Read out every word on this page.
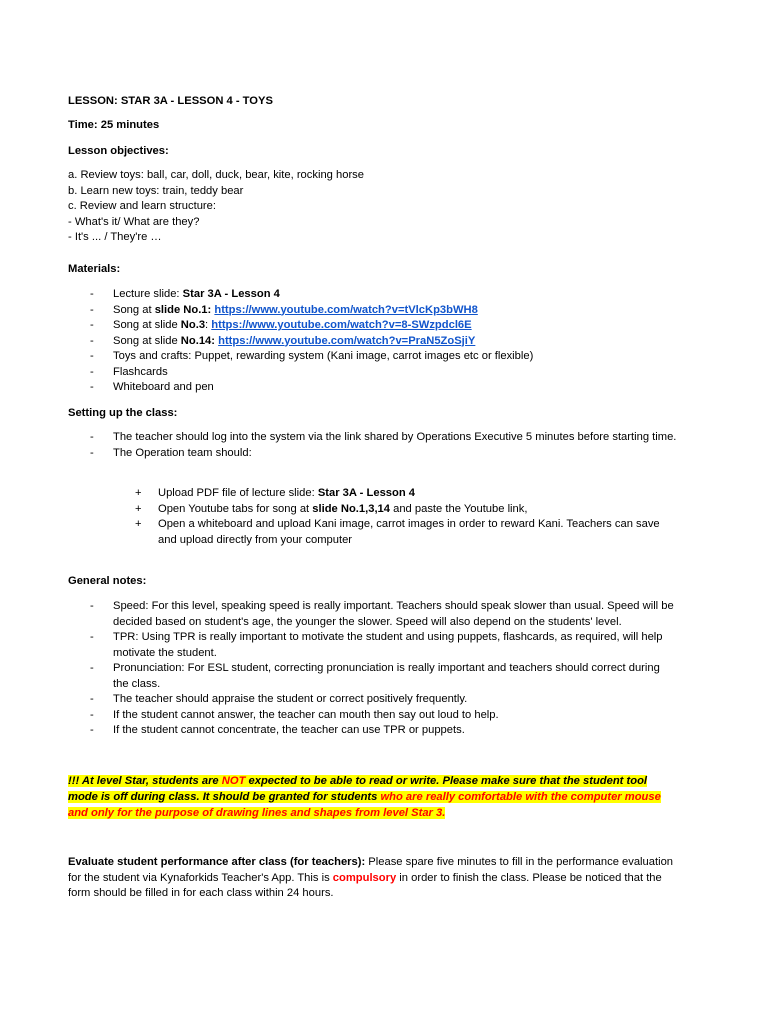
LESSON: STAR 3A - LESSON 4 - TOYS

Time: 25 minutes

Lesson objectives:

a. Review toys: ball, car, doll, duck, bear, kite, rocking horse
b. Learn new toys: train, teddy bear
c. Review and learn structure:
- What's it/ What are they?
- It's ... / They're …

Materials:

- Lecture slide: Star 3A - Lesson 4
- Song at slide No.1: https://www.youtube.com/watch?v=tVlcKp3bWH8
- Song at slide No.3: https://www.youtube.com/watch?v=8-SWzpdcl6E
- Song at slide No.14: https://www.youtube.com/watch?v=PraN5ZoSjiY
- Toys and crafts: Puppet, rewarding system (Kani image, carrot images etc or flexible)
- Flashcards
- Whiteboard and pen

Setting up the class:

- The teacher should log into the system via the link shared by Operations Executive 5 minutes before starting time.
- The Operation team should:
+ Upload PDF file of lecture slide: Star 3A - Lesson 4
+ Open Youtube tabs for song at slide No.1,3,14 and paste the Youtube link,
+ Open a whiteboard and upload Kani image, carrot images in order to reward Kani. Teachers can save and upload directly from your computer

General notes:

- Speed: For this level, speaking speed is really important. Teachers should speak slower than usual. Speed will be decided based on student's age, the younger the slower. Speed will also depend on the students' level.
- TPR: Using TPR is really important to motivate the student and using puppets, flashcards, as required, will help motivate the student.
- Pronunciation: For ESL student, correcting pronunciation is really important and teachers should correct during the class.
- The teacher should appraise the student or correct positively frequently.
- If the student cannot answer, the teacher can mouth then say out loud to help.
- If the student cannot concentrate, the teacher can use TPR or puppets.

!!! At level Star, students are NOT expected to be able to read or write. Please make sure that the student tool mode is off during class. It should be granted for students who are really comfortable with the computer mouse and only for the purpose of drawing lines and shapes from level Star 3.

Evaluate student performance after class (for teachers): Please spare five minutes to fill in the performance evaluation for the student via Kynaforkids Teacher's App. This is compulsory in order to finish the class. Please be noticed that the form should be filled in for each class within 24 hours.
